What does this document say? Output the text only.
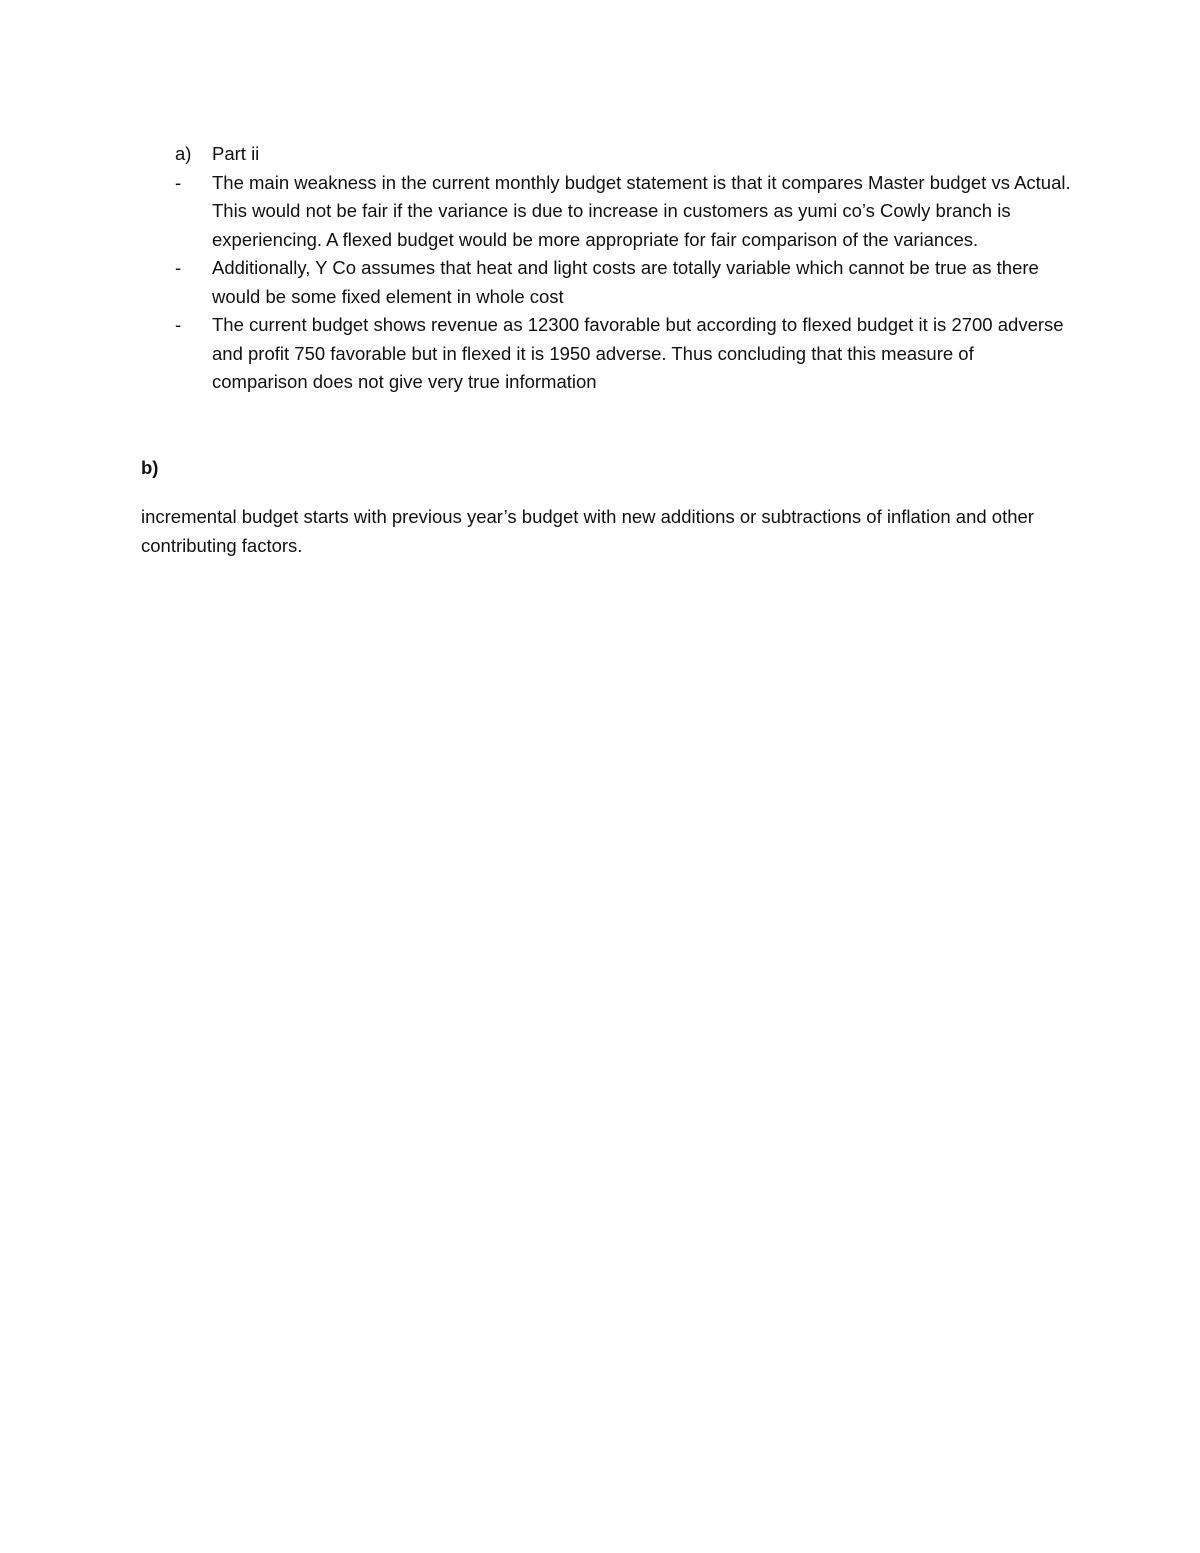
a)	Part ii
-	The main weakness in the current monthly budget statement is that it compares Master budget vs Actual. This would not be fair if the variance is due to increase in customers as yumi co’s Cowly branch is experiencing. A flexed budget would be more appropriate for fair comparison of the variances.
-	Additionally, Y Co assumes that heat and light costs are totally variable which cannot be true as there would be some fixed element in whole cost
-	The current budget shows revenue as 12300 favorable but according to flexed budget it is 2700 adverse and profit 750 favorable but in flexed it is 1950 adverse. Thus concluding that this measure of comparison does not give very true information
b)
incremental budget starts with previous year’s budget with new additions or subtractions of inflation and other contributing factors.
